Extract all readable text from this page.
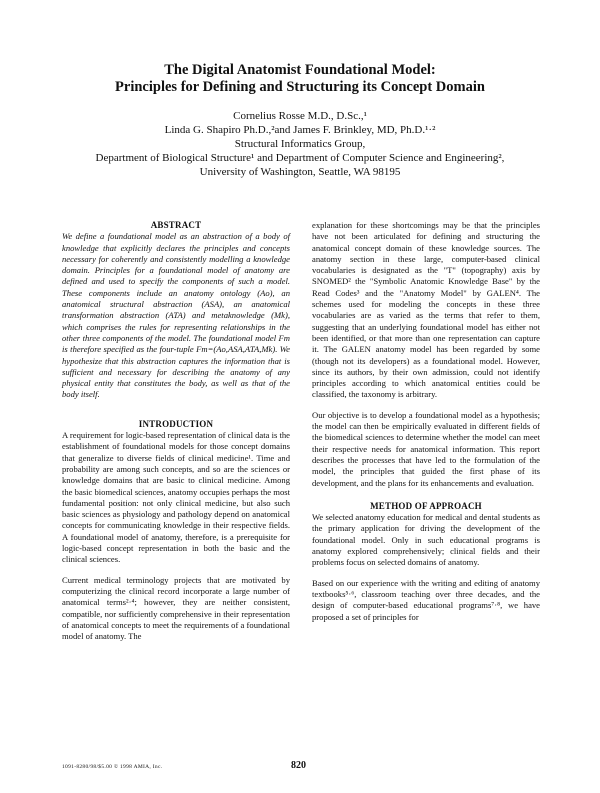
The Digital Anatomist Foundational Model:
Principles for Defining and Structuring its Concept Domain
Cornelius Rosse M.D., D.Sc.,¹
Linda G. Shapiro Ph.D.,²and James F. Brinkley, MD, Ph.D.¹·²
Structural Informatics Group,
Department of Biological Structure¹ and Department of Computer Science and Engineering²,
University of Washington, Seattle, WA 98195

ABSTRACT

We define a foundational model as an abstraction of a body of knowledge that explicitly declares the principles and concepts necessary for coherently and consistently modelling a knowledge domain. Principles for a foundational model of anatomy are defined and used to specify the components of such a model. These components include an anatomy ontology (Ao), an anatomical structural abstraction (ASA), an anatomical transformation abstraction (ATA) and metaknowledge (Mk), which comprises the rules for representing relationships in the other three components of the model. The foundational model Fm is therefore specified as the four-tuple Fm=(Ao,ASA,ATA,Mk). We hypothesize that this abstraction captures the information that is sufficient and necessary for describing the anatomy of any physical entity that constitutes the body, as well as that of the body itself.

INTRODUCTION

A requirement for logic-based representation of clinical data is the establishment of foundational models for those concept domains that generalize to diverse fields of clinical medicine¹. Time and probability are among such concepts, and so are the sciences or knowledge domains that are basic to clinical medicine. Among the basic biomedical sciences, anatomy occupies perhaps the most fundamental position: not only clinical medicine, but also such basic sciences as physiology and pathology depend on anatomical concepts for communicating knowledge in their respective fields. A foundational model of anatomy, therefore, is a prerequisite for logic-based concept representation in both the basic and the clinical sciences.

Current medical terminology projects that are motivated by computerizing the clinical record incorporate a large number of anatomical terms²·⁴; however, they are neither consistent, compatible, nor sufficiently comprehensive in their representation of anatomical concepts to meet the requirements of a foundational model of anatomy. The

explanation for these shortcomings may be that the principles have not been articulated for defining and structuring the anatomical concept domain of these knowledge sources. The anatomy section in these large, computer-based clinical vocabularies is designated as the "T" (topography) axis by SNOMED² the "Symbolic Anatomic Knowledge Base" by the Read Codes³ and the "Anatomy Model" by GALEN⁴. The schemes used for modeling the concepts in these three vocabularies are as varied as the terms that refer to them, suggesting that an underlying foundational model has either not been identified, or that more than one representation can capture it. The GALEN anatomy model has been regarded by some (though not its developers) as a foundational model. However, since its authors, by their own admission, could not identify principles according to which anatomical entities could be classified, the taxonomy is arbitrary.

Our objective is to develop a foundational model as a hypothesis; the model can then be empirically evaluated in different fields of the biomedical sciences to determine whether the model can meet their respective needs for anatomical information. This report describes the processes that have led to the formulation of the model, the principles that guided the first phase of its development, and the plans for its enhancements and evaluation.

METHOD OF APPROACH

We selected anatomy education for medical and dental students as the primary application for driving the development of the foundational model. Only in such educational programs is anatomy explored comprehensively; clinical fields and their problems focus on selected domains of anatomy.

Based on our experience with the writing and editing of anatomy textbooks⁵·⁶, classroom teaching over three decades, and the design of computer-based educational programs⁷·⁸, we have proposed a set of principles for

1091-8280/98/$5.00 © 1998 AMIA, Inc.	820
